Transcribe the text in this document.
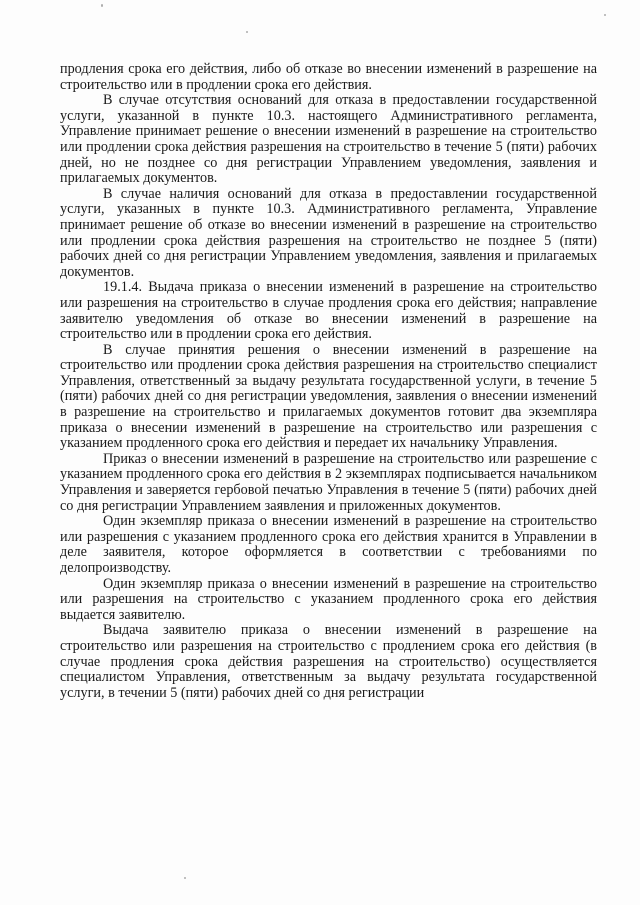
продления срока его действия, либо об отказе во внесении изменений в разрешение на строительство или в продлении срока его действия.

В случае отсутствия оснований для отказа в предоставлении государственной услуги, указанной в пункте 10.3. настоящего Административного регламента, Управление принимает решение о внесении изменений в разрешение на строительство или продлении срока действия разрешения на строительство в течение 5 (пяти) рабочих дней, но не позднее со дня регистрации Управлением уведомления, заявления и прилагаемых документов.

В случае наличия оснований для отказа в предоставлении государственной услуги, указанных в пункте 10.3. Административного регламента, Управление принимает решение об отказе во внесении изменений в разрешение на строительство или продлении срока действия разрешения на строительство не позднее 5 (пяти) рабочих дней со дня регистрации Управлением уведомления, заявления и прилагаемых документов.

19.1.4. Выдача приказа о внесении изменений в разрешение на строительство или разрешения на строительство в случае продления срока его действия; направление заявителю уведомления об отказе во внесении изменений в разрешение на строительство или в продлении срока его действия.

В случае принятия решения о внесении изменений в разрешение на строительство или продлении срока действия разрешения на строительство специалист Управления, ответственный за выдачу результата государственной услуги, в течение 5 (пяти) рабочих дней со дня регистрации уведомления, заявления о внесении изменений в разрешение на строительство и прилагаемых документов готовит два экземпляра приказа о внесении изменений в разрешение на строительство или разрешения с указанием продленного срока его действия и передает их начальнику Управления.

Приказ о внесении изменений в разрешение на строительство или разрешение с указанием продленного срока его действия в 2 экземплярах подписывается начальником Управления и заверяется гербовой печатью Управления в течение 5 (пяти) рабочих дней со дня регистрации Управлением заявления и приложенных документов.

Один экземпляр приказа о внесении изменений в разрешение на строительство или разрешения с указанием продленного срока его действия хранится в Управлении в деле заявителя, которое оформляется в соответствии с требованиями по делопроизводству.

Один экземпляр приказа о внесении изменений в разрешение на строительство или разрешения на строительство с указанием продленного срока его действия выдается заявителю.

Выдача заявителю приказа о внесении изменений в разрешение на строительство или разрешения на строительство с продлением срока его действия (в случае продления срока действия разрешения на строительство) осуществляется специалистом Управления, ответственным за выдачу результата государственной услуги, в течении 5 (пяти) рабочих дней со дня регистрации
